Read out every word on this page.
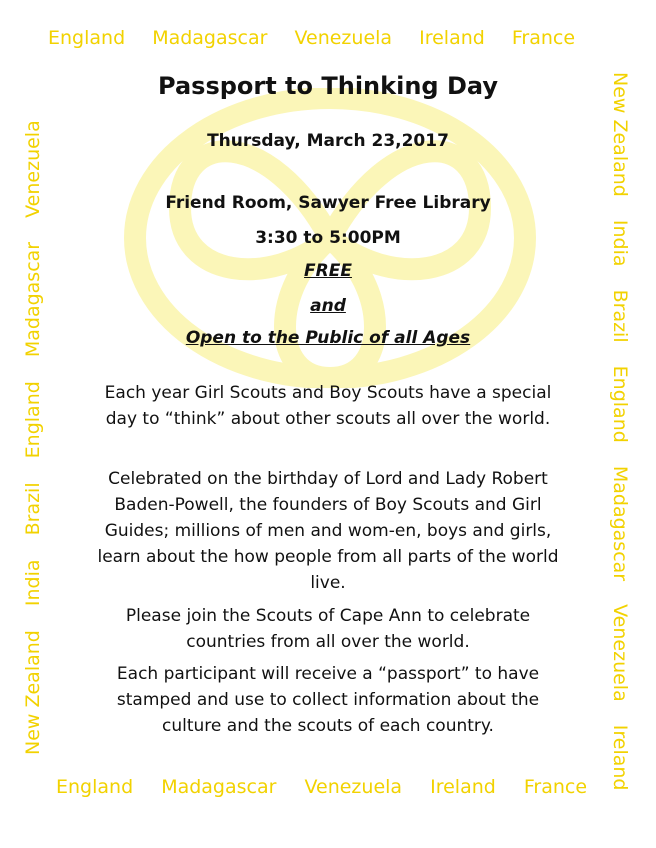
England Madagascar Venezuela Ireland France
England Madagascar Venezuela Ireland France
New Zealand India Brazil England Madagascar Venezuela	New Zealand India Brazil England Madagascar Venezuela Ireland
Passport to Thinking Day
Thursday, March 23,2017
Friend Room, Sawyer Free Library
3:30 to 5:00PM
FREE
and
Open to the Public of all Ages
Each year Girl Scouts and Boy Scouts have a special day to “think” about other scouts all over the world.
Celebrated on the birthday of Lord and Lady Robert Baden-Powell, the founders of Boy Scouts and Girl Guides; millions of men and wom-en, boys and girls, learn about the how people from all parts of the world live.
Please join the Scouts of Cape Ann to celebrate countries from all over the world.
Each participant will receive a “passport” to have stamped and use to collect information about the culture and the scouts of each country.
